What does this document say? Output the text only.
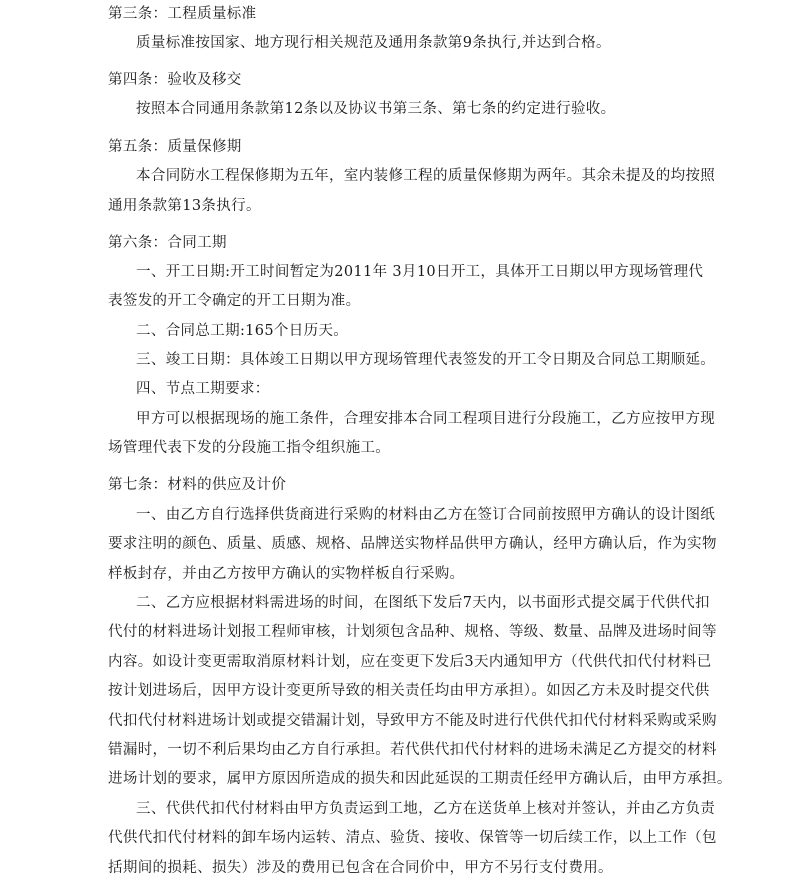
第三条：工程质量标准
质量标准按国家、地方现行相关规范及通用条款第9条执行,并达到合格。
第四条：验收及移交
按照本合同通用条款第12条以及协议书第三条、第七条的约定进行验收。
第五条：质量保修期
本合同防水工程保修期为五年，室内装修工程的质量保修期为两年。其余未提及的均按照
通用条款第13条执行。
第六条：合同工期
一、开工日期:开工时间暂定为2011年 3月10日开工，具体开工日期以甲方现场管理代
表签发的开工令确定的开工日期为准。
二、合同总工期:165个日历天。
三、竣工日期：具体竣工日期以甲方现场管理代表签发的开工令日期及合同总工期顺延。
四、节点工期要求：
甲方可以根据现场的施工条件，合理安排本合同工程项目进行分段施工，乙方应按甲方现
场管理代表下发的分段施工指令组织施工。
第七条：材料的供应及计价
一、由乙方自行选择供货商进行采购的材料由乙方在签订合同前按照甲方确认的设计图纸
要求注明的颜色、质量、质感、规格、品牌送实物样品供甲方确认，经甲方确认后，作为实物
样板封存，并由乙方按甲方确认的实物样板自行采购。
二、乙方应根据材料需进场的时间，在图纸下发后7天内，以书面形式提交属于代供代扣
代付的材料进场计划报工程师审核，计划须包含品种、规格、等级、数量、品牌及进场时间等
内容。如设计变更需取消原材料计划，应在变更下发后3天内通知甲方（代供代扣代付材料已
按计划进场后，因甲方设计变更所导致的相关责任均由甲方承担）。如因乙方未及时提交代供
代扣代付材料进场计划或提交错漏计划，导致甲方不能及时进行代供代扣代付材料采购或采购
错漏时，一切不利后果均由乙方自行承担。若代供代扣代付材料的进场未满足乙方提交的材料
进场计划的要求，属甲方原因所造成的损失和因此延误的工期责任经甲方确认后，由甲方承担。
三、代供代扣代付材料由甲方负责运到工地，乙方在送货单上核对并签认，并由乙方负责
代供代扣代付材料的卸车场内运转、清点、验货、接收、保管等一切后续工作，以上工作（包
括期间的损耗、损失）涉及的费用已包含在合同价中，甲方不另行支付费用。
